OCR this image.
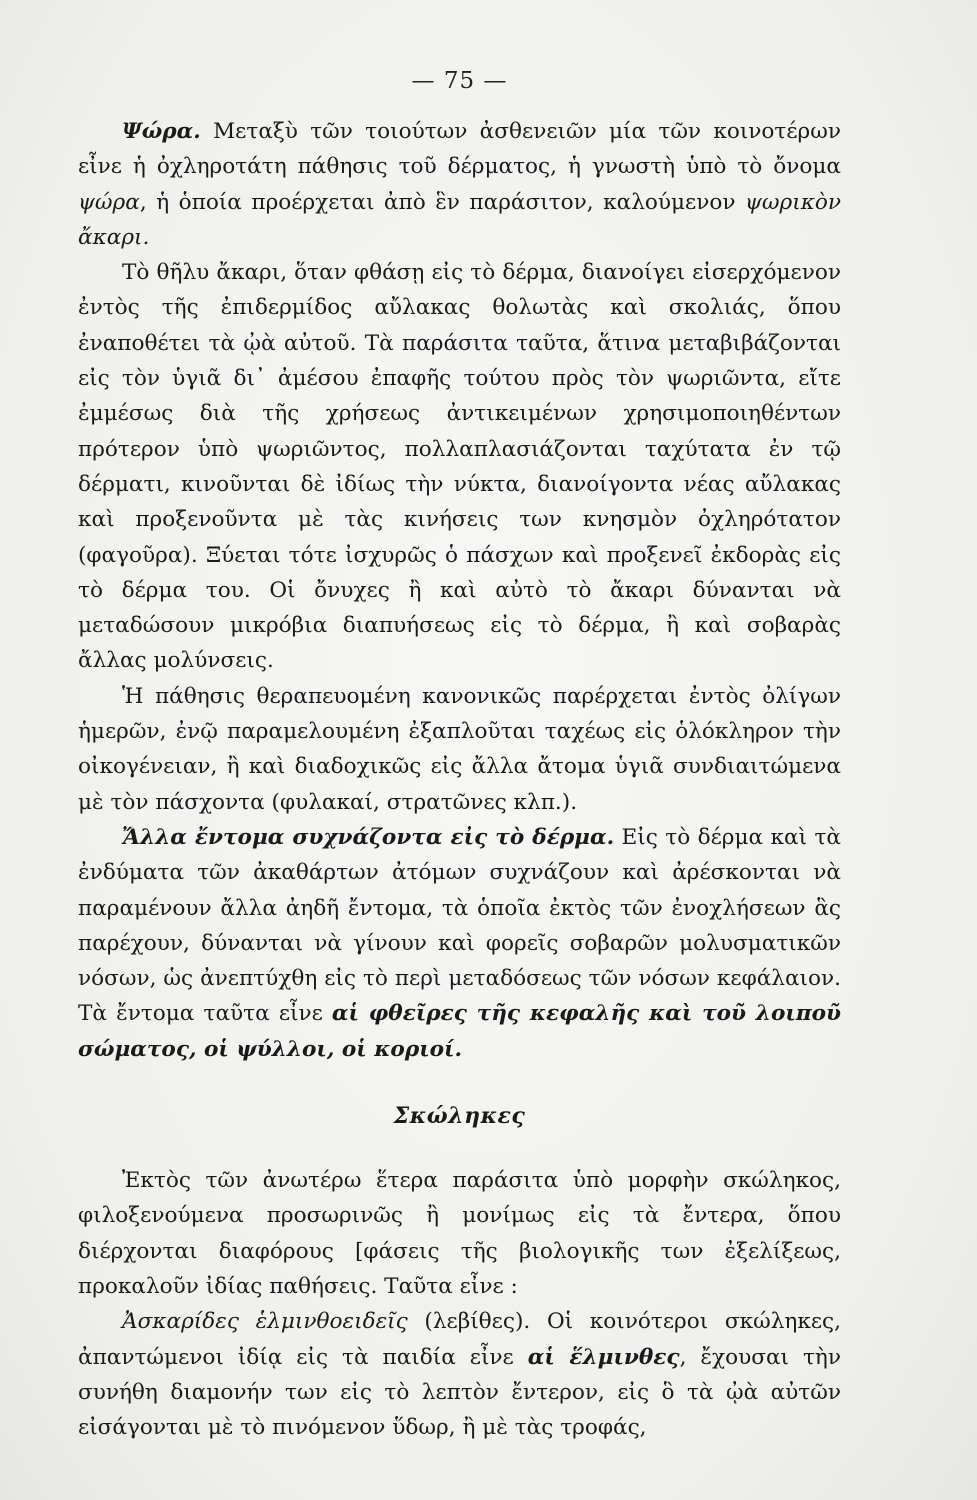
— 75 —

Ψώρα. Μεταξὺ τῶν τοιούτων ἀσθενειῶν μία τῶν κοινοτέρων εἶνε ἡ ὀχληροτάτη πάθησις τοῦ δέρματος, ἡ γνωστὴ ὑπὸ τὸ ὄνομα ψώρα, ἡ ὁποία προέρχεται ἀπὸ ἓν παράσιτον, καλούμενον ψωρικὸν ἄκαρι.

Τὸ θῆλυ ἄκαρι, ὅταν φθάσῃ εἰς τὸ δέρμα, διανοίγει εἰσερχόμενον ἐντὸς τῆς ἐπιδερμίδος αὔλακας θολωτὰς καὶ σκολιάς, ὅπου ἐναποθέτει τὰ ᾠὰ αὐτοῦ. Τὰ παράσιτα ταῦτα, ἅτινα μεταβιβάζονται εἰς τὸν ὑγιᾶ δι᾽ ἀμέσου ἐπαφῆς τούτου πρὸς τὸν ψωριῶντα, εἴτε ἐμμέσως διὰ τῆς χρήσεως ἀντικειμένων χρησιμοποιηθέντων πρότερον ὑπὸ ψωριῶντος, πολλαπλασιάζονται ταχύτατα ἐν τῷ δέρματι, κινοῦνται δὲ ἰδίως τὴν νύκτα, διανοίγοντα νέας αὔλακας καὶ προξενοῦντα μὲ τὰς κινήσεις των κνησμὸν ὀχληρότατον (φαγοῦρα). Ξύεται τότε ἰσχυρῶς ὁ πάσχων καὶ προξενεῖ ἐκδορὰς εἰς τὸ δέρμα του. Οἱ ὄνυχες ἢ καὶ αὐτὸ τὸ ἄκαρι δύνανται νὰ μεταδώσουν μικρόβια διαπυήσεως εἰς τὸ δέρμα, ἢ καὶ σοβαρὰς ἄλλας μολύνσεις.

Ἡ πάθησις θεραπευομένη κανονικῶς παρέρχεται ἐντὸς ὀλίγων ἡμερῶν, ἐνῷ παραμελουμένη ἐξαπλοῦται ταχέως εἰς ὁλόκληρον τὴν οἰκογένειαν, ἢ καὶ διαδοχικῶς εἰς ἄλλα ἄτομα ὑγιᾶ συνδιαιτώμενα μὲ τὸν πάσχοντα (φυλακαί, στρατῶνες κλπ.).

Ἄλλα ἔντομα συχνάζοντα εἰς τὸ δέρμα. Εἰς τὸ δέρμα καὶ τὰ ἐνδύματα τῶν ἀκαθάρτων ἀτόμων συχνάζουν καὶ ἀρέσκονται νὰ παραμένουν ἄλλα ἀηδῆ ἔντομα, τὰ ὁποῖα ἐκτὸς τῶν ἐνοχλήσεων ἃς παρέχουν, δύνανται νὰ γίνουν καὶ φορεῖς σοβαρῶν μολυσματικῶν νόσων, ὡς ἀνεπτύχθη εἰς τὸ περὶ μεταδόσεως τῶν νόσων κεφάλαιον. Τὰ ἔντομα ταῦτα εἶνε αἱ φθεῖρες τῆς κεφαλῆς καὶ τοῦ λοιποῦ σώματος, οἱ ψύλλοι, οἱ κοριοί.

Σκώληκες

Ἐκτὸς τῶν ἀνωτέρω ἕτερα παράσιτα ὑπὸ μορφὴν σκώληκος, φιλοξενούμενα προσωρινῶς ἢ μονίμως εἰς τὰ ἔντερα, ὅπου διέρχονται διαφόρους [φάσεις τῆς βιολογικῆς των ἐξελίξεως, προκαλοῦν ἰδίας παθήσεις. Ταῦτα εἶνε :

Ἀσκαρίδες ἑλμινθοειδεῖς (λεβίθες). Οἱ κοινότεροι σκώληκες, ἀπαντώμενοι ἰδίᾳ εἰς τὰ παιδία εἶνε αἱ ἕλμινθες, ἔχουσαι τὴν συνήθη διαμονήν των εἰς τὸ λεπτὸν ἔντερον, εἰς ὃ τὰ ᾠὰ αὐτῶν εἰσάγονται μὲ τὸ πινόμενον ὕδωρ, ἢ μὲ τὰς τροφάς,
